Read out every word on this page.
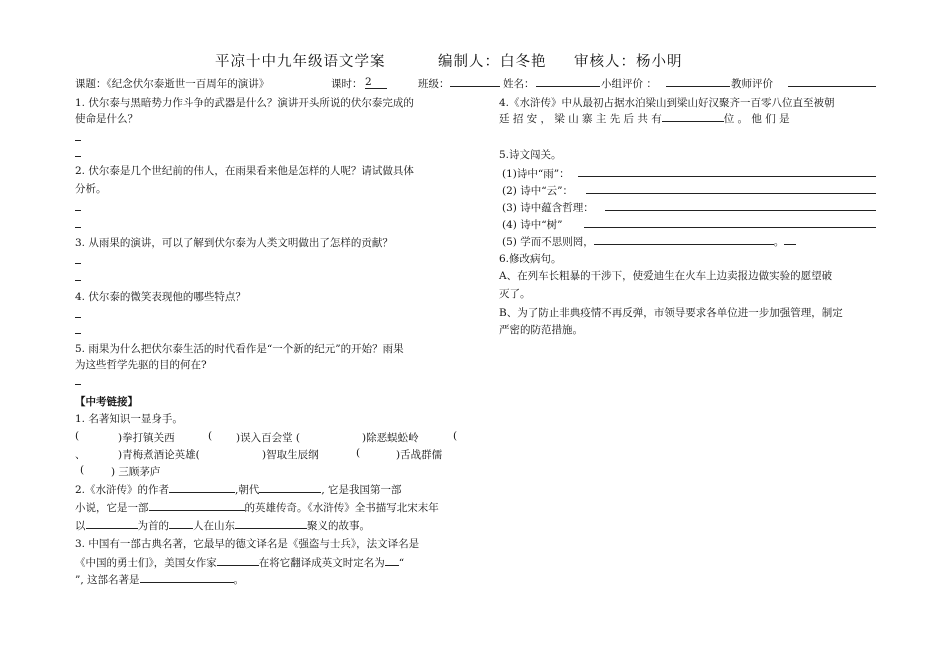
平凉十中九年级语文学案	编制人：白冬艳 审核人：杨小明
课题：《纪念伏尔泰逝世一百周年的演讲》	课时： 2	班级：	姓名：	小组评价 ：	教师评价
1. 伏尔泰与黑暗势力作斗争的武器是什么？演讲开头所说的伏尔泰完成的
使命是什么？
2. 伏尔泰是几个世纪前的伟人，在雨果看来他是怎样的人呢？请试做具体
分析。
3. 从雨果的演讲，可以了解到伏尔泰为人类文明做出了怎样的贡献？
4. 伏尔泰的微笑表现他的哪些特点？
5. 雨果为什么把伏尔泰生活的时代看作是“一个新的纪元”的开始？雨果
为这些哲学先驱的目的何在?
【中考链接】
1. 名著知识一显身手。
(	)拳打镇关西	( )误入百会堂 (	)除恶蜈蚣岭	(
、	)青梅煮酒论英雄(	)智取生辰纲	(	)舌战群儒
(	) 三顾茅庐
2.《水浒传》的作者	,朝代	, 它是我国第一部
小说，它是一部	的英雄传奇。《水浒传》全书描写北宋末年
以	为首的 人在山东	聚义的故事。
3. 中国有一部古典名著，它最早的德文译名是《强盗与士兵》，法文译名是
《中国的勇士们》，美国女作家	在将它翻译成英文时定名为 “
”, 这部名著是	。
4.《水浒传》中从最初占据水泊梁山到梁山好汉聚齐一百零八位直至被朝
廷 招 安 ， 梁 山 寨 主 先 后 共 有	位 。 他 们 是
5.诗文闯关。
(1)诗中“雨”：
(2) 诗中“云”：
(3) 诗中蕴含哲理：
(4) 诗中“树”
(5) 学而不思则罔，	。
6.修改病句。
A、在列车长粗暴的干涉下，使爱迪生在火车上边卖报边做实验的愿望破
灭了。
B、为了防止非典疫情不再反弹，市领导要求各单位进一步加强管理，制定
严密的防范措施。
